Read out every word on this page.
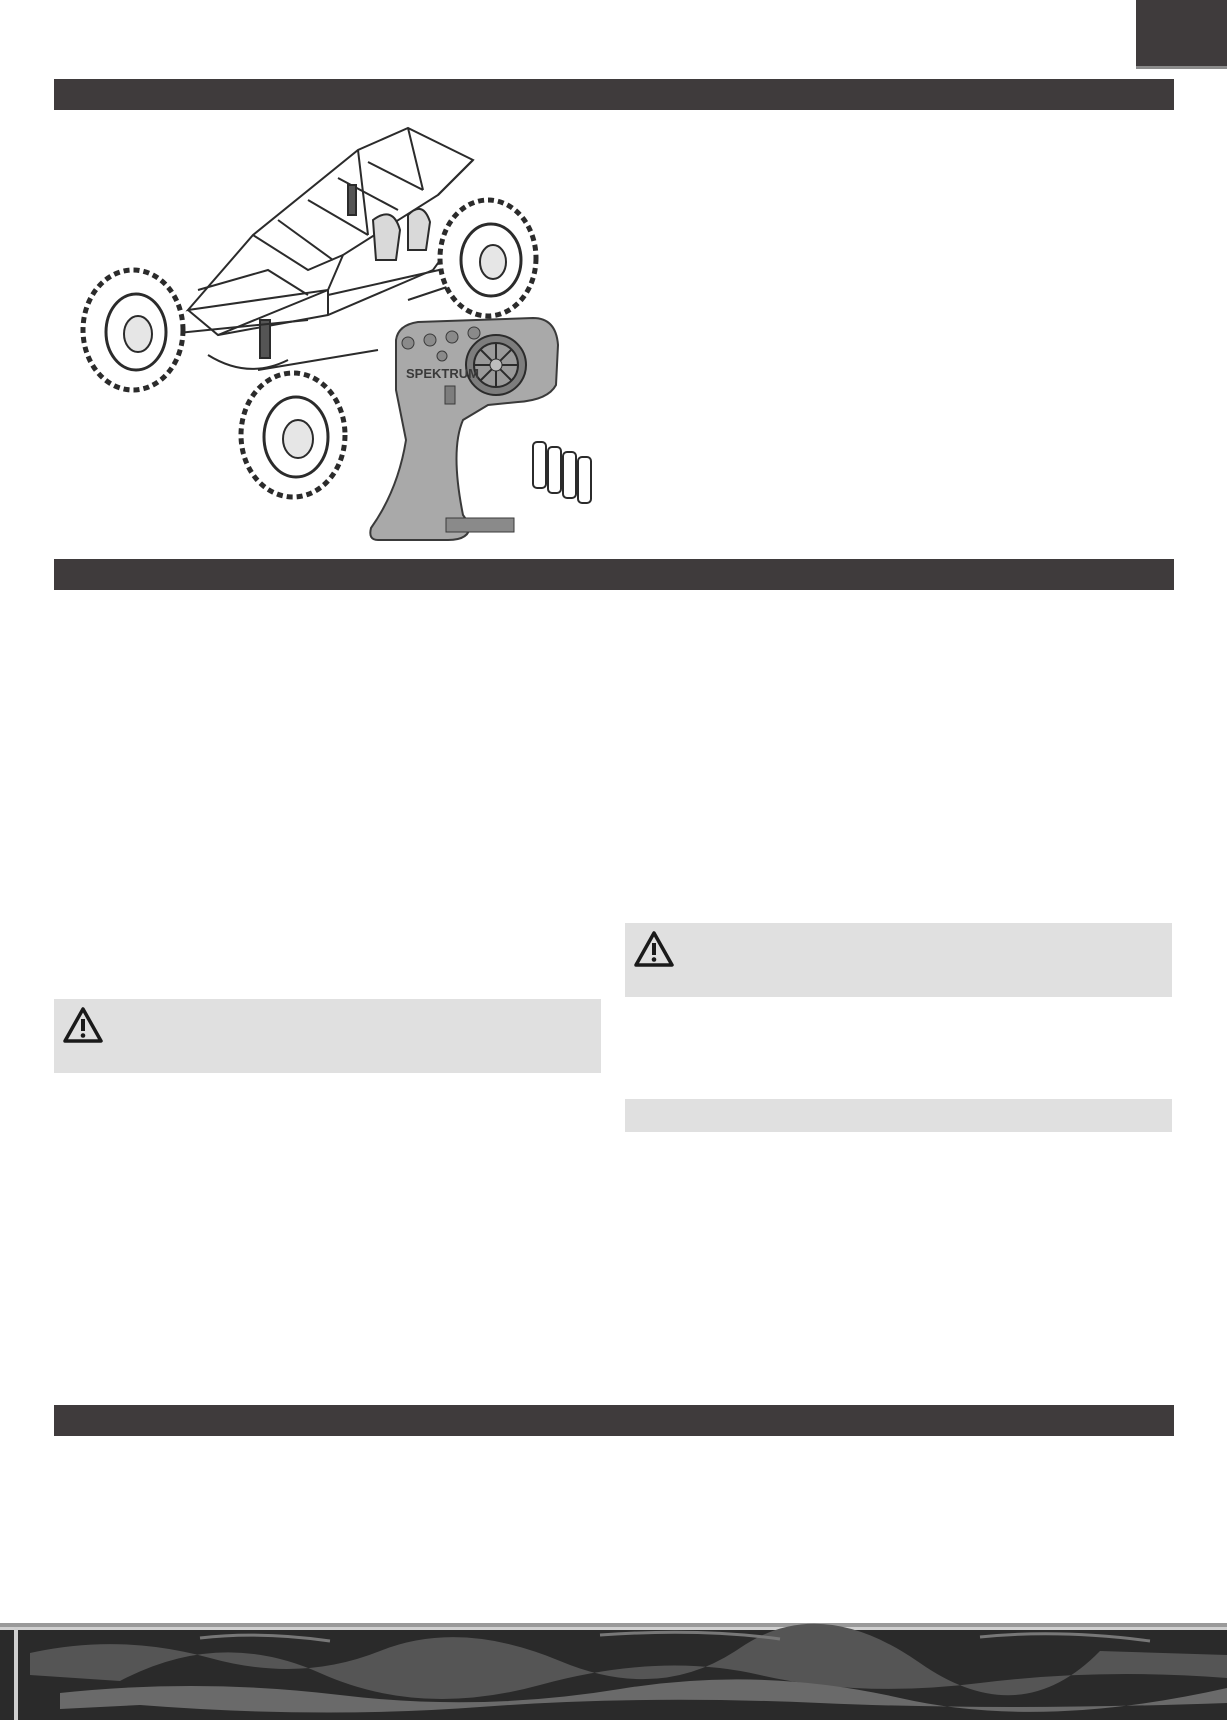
SPEKTRUM
